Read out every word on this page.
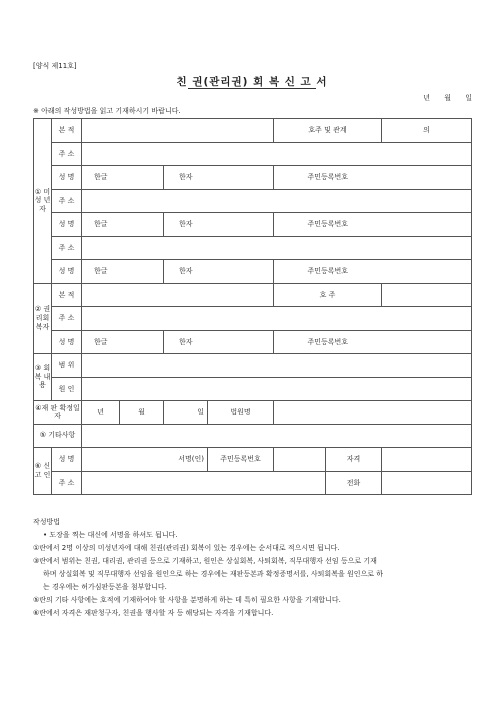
[양식 제11호]
친 권(관리권) 회 복 신 고 서
년 월 일
※ 아래의 작성방법을 읽고 기재하시기 바랍니다.
① 미 성 년 자	본 적					호주 및 관계		의
	주 소							
	성 명	한글		한자		주민등록번호		
	주 소							
	성 명	한글		한자		주민등록번호		
	주 소							
	성 명	한글		한자		주민등록번호		
② 권리회복자	본 적					호 주		
	주 소							
	성 명	한글		한자		주민등록번호		
③ 회복 내용	범 위							
	원 인							
④재 판 확정일자		년	월	일	법원명			
⑤ 기타사항								
⑥ 신 고 인	성 명	서명(인)			주민등록번호		자격	
	주 소						전화	

작성방법

• 도장을 찍는 대신에 서명을 하셔도 됩니다.

①란에서 2명 이상의 미성년자에 대해 친권(관리권) 회복이 있는 경우에는 순서대로 적으시면 됩니다.

③란에서 범위는 친권, 대리권, 관리권 등으로 기재하고, 원인은 상실회복, 사퇴회복, 직무대행자 선임 등으로 기재

하며 상실회복 및 직무대행자 선임을 원인으로 하는 경우에는 재판등본과 확정증명서를, 사퇴회복을 원인으로 하

는 경우에는 허가심판등본을 첨부합니다.

⑤란의 기타 사항에는 호적에 기재하여야 할 사항을 분명하게 하는 데 특히 필요한 사항을 기재합니다.

⑥란에서 자격은 재판청구자, 친권을 행사할 자 등 해당되는 자격을 기재합니다.
